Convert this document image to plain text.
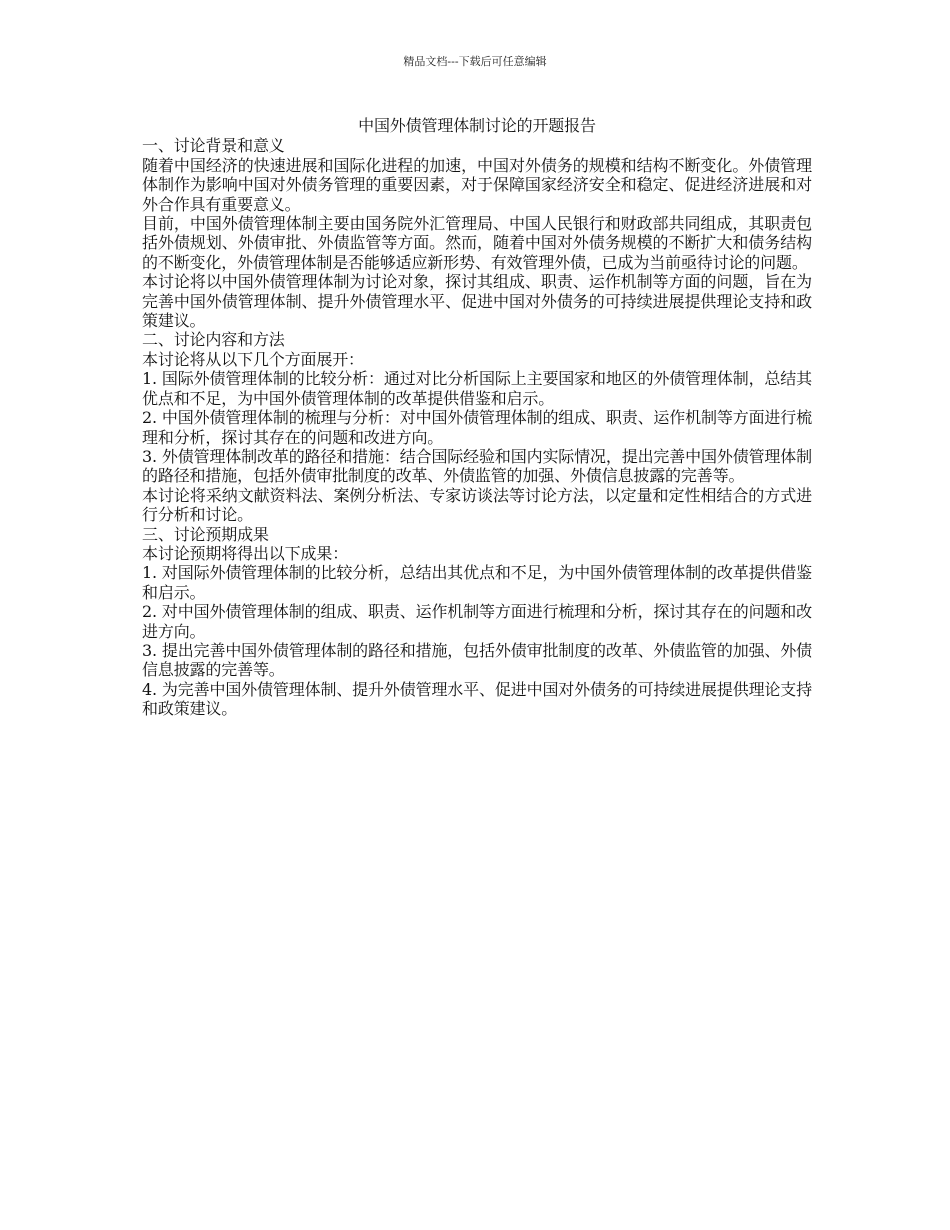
精品文档---下载后可任意编辑
中国外债管理体制讨论的开题报告

一、讨论背景和意义

随着中国经济的快速进展和国际化进程的加速，中国对外债务的规模和结构不断变化。外债管理体制作为影响中国对外债务管理的重要因素，对于保障国家经济安全和稳定、促进经济进展和对外合作具有重要意义。

目前，中国外债管理体制主要由国务院外汇管理局、中国人民银行和财政部共同组成，其职责包括外债规划、外债审批、外债监管等方面。然而，随着中国对外债务规模的不断扩大和债务结构的不断变化，外债管理体制是否能够适应新形势、有效管理外债，已成为当前亟待讨论的问题。

本讨论将以中国外债管理体制为讨论对象，探讨其组成、职责、运作机制等方面的问题，旨在为完善中国外债管理体制、提升外债管理水平、促进中国对外债务的可持续进展提供理论支持和政策建议。

二、讨论内容和方法

本讨论将从以下几个方面展开：

1. 国际外债管理体制的比较分析：通过对比分析国际上主要国家和地区的外债管理体制，总结其优点和不足，为中国外债管理体制的改革提供借鉴和启示。

2. 中国外债管理体制的梳理与分析：对中国外债管理体制的组成、职责、运作机制等方面进行梳理和分析，探讨其存在的问题和改进方向。

3. 外债管理体制改革的路径和措施：结合国际经验和国内实际情况，提出完善中国外债管理体制的路径和措施，包括外债审批制度的改革、外债监管的加强、外债信息披露的完善等。

本讨论将采纳文献资料法、案例分析法、专家访谈法等讨论方法，以定量和定性相结合的方式进行分析和讨论。

三、讨论预期成果

本讨论预期将得出以下成果：

1. 对国际外债管理体制的比较分析，总结出其优点和不足，为中国外债管理体制的改革提供借鉴和启示。

2. 对中国外债管理体制的组成、职责、运作机制等方面进行梳理和分析，探讨其存在的问题和改进方向。

3. 提出完善中国外债管理体制的路径和措施，包括外债审批制度的改革、外债监管的加强、外债信息披露的完善等。

4. 为完善中国外债管理体制、提升外债管理水平、促进中国对外债务的可持续进展提供理论支持和政策建议。
